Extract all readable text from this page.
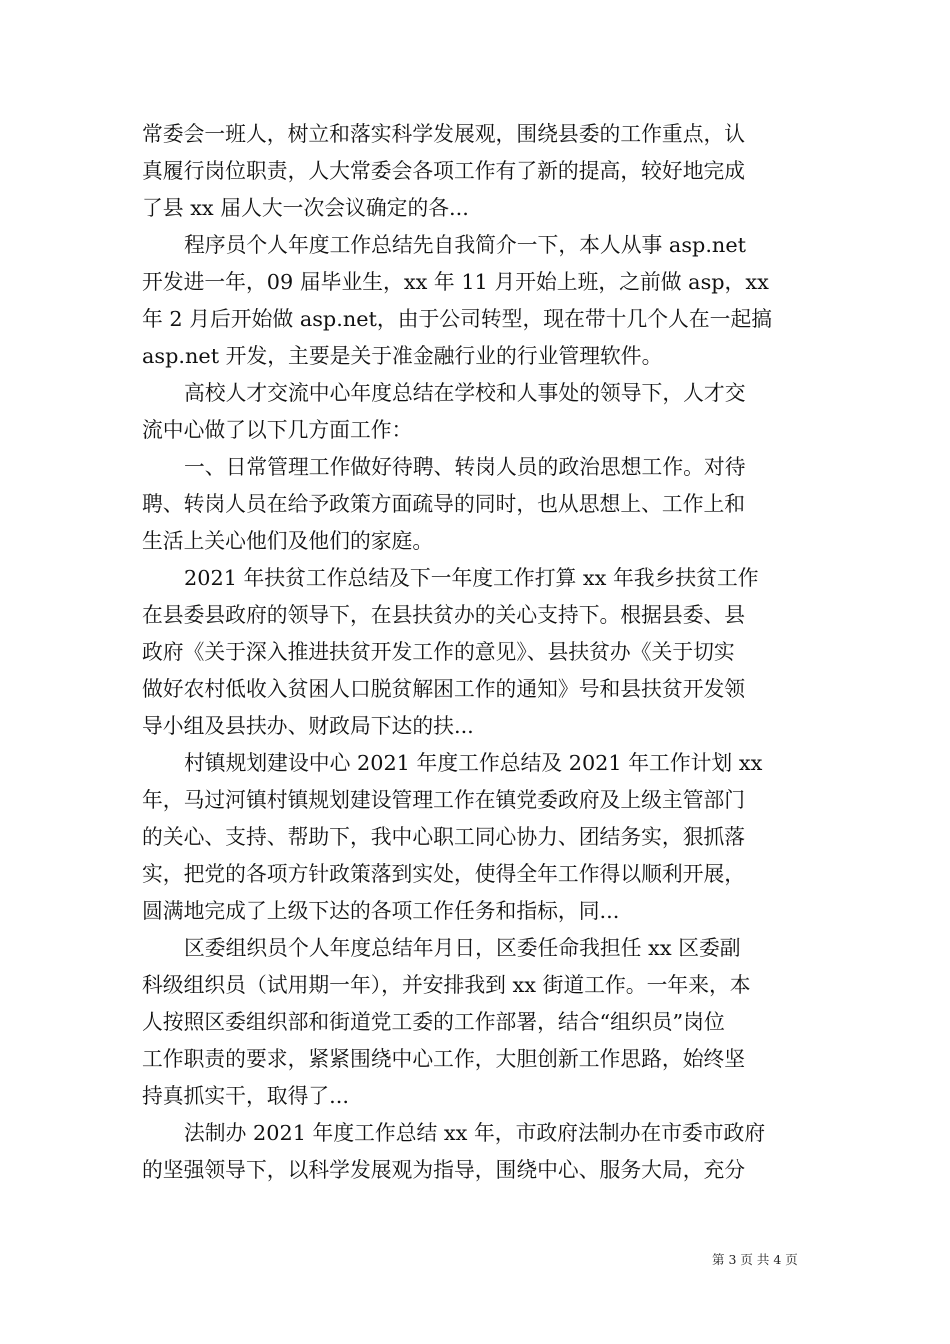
常委会一班人，树立和落实科学发展观，围绕县委的工作重点，认
真履行岗位职责，人大常委会各项工作有了新的提高，较好地完成
了县 xx 届人大一次会议确定的各...
程序员个人年度工作总结先自我简介一下，本人从事 asp.net
开发进一年，09 届毕业生，xx 年 11 月开始上班，之前做 asp，xx
年 2 月后开始做 asp.net，由于公司转型，现在带十几个人在一起搞
asp.net 开发，主要是关于准金融行业的行业管理软件。
高校人才交流中心年度总结在学校和人事处的领导下，人才交
流中心做了以下几方面工作：
一、日常管理工作做好待聘、转岗人员的政治思想工作。对待
聘、转岗人员在给予政策方面疏导的同时，也从思想上、工作上和
生活上关心他们及他们的家庭。
2021 年扶贫工作总结及下一年度工作打算 xx 年我乡扶贫工作
在县委县政府的领导下，在县扶贫办的关心支持下。根据县委、县
政府《关于深入推进扶贫开发工作的意见》、县扶贫办《关于切实
做好农村低收入贫困人口脱贫解困工作的通知》号和县扶贫开发领
导小组及县扶办、财政局下达的扶...
村镇规划建设中心 2021 年度工作总结及 2021 年工作计划 xx
年，马过河镇村镇规划建设管理工作在镇党委政府及上级主管部门
的关心、支持、帮助下，我中心职工同心协力、团结务实，狠抓落
实，把党的各项方针政策落到实处，使得全年工作得以顺利开展，
圆满地完成了上级下达的各项工作任务和指标，同...
区委组织员个人年度总结年月日，区委任命我担任 xx 区委副
科级组织员（试用期一年），并安排我到 xx 街道工作。一年来，本
人按照区委组织部和街道党工委的工作部署，结合“组织员”岗位
工作职责的要求，紧紧围绕中心工作，大胆创新工作思路，始终坚
持真抓实干，取得了...
法制办 2021 年度工作总结 xx 年，市政府法制办在市委市政府
的坚强领导下，以科学发展观为指导，围绕中心、服务大局，充分
第 3 页 共 4 页
